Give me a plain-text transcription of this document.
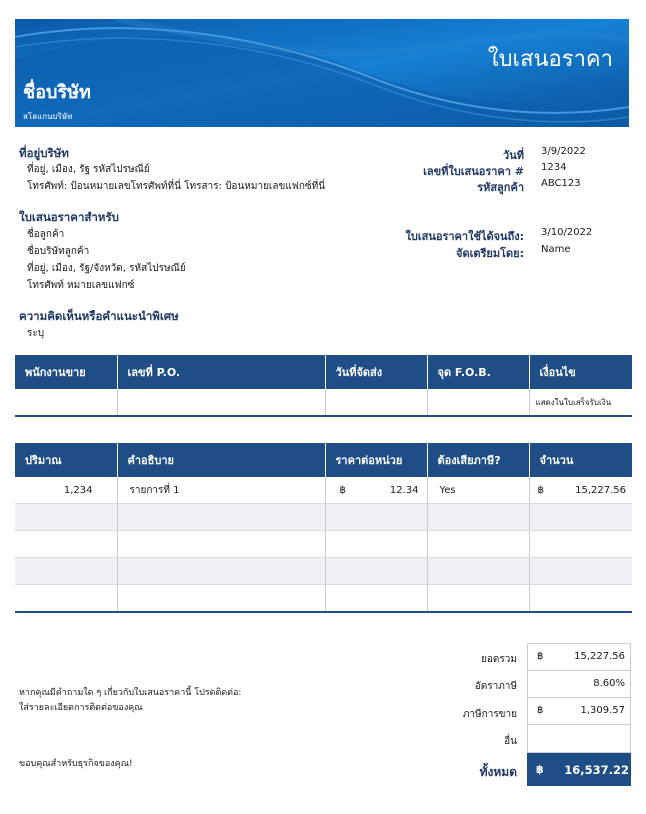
ใบเสนอราคา
ชื่อบริษัท
สโลแกนบริษัท
ที่อยู่บริษัท
ที่อยู่, เมือง, รัฐ รหัสไปรษณีย์
โทรศัพท์: ป้อนหมายเลขโทรศัพท์ที่นี่ โทรสาร: ป้อนหมายเลขแฟกซ์ที่นี่
วันที่ 3/9/2022
เลขที่ใบเสนอราคา # 1234
รหัสลูกค้า ABC123
ใบเสนอราคาสำหรับ
ชื่อลูกค้า
ชื่อบริษัทลูกค้า
ที่อยู่, เมือง, รัฐ/จังหวัด, รหัสไปรษณีย์
โทรศัพท์ หมายเลขแฟกซ์
ใบเสนอราคาใช้ได้จนถึง: 3/10/2022
จัดเตรียมโดย: Name
ความคิดเห็นหรือคำแนะนำพิเศษ
ระบุ
พนักงานขาย	เลขที่ P.O.	วันที่จัดส่ง	จุด F.O.B.	เงื่อนไข
				แสดงในใบเสร็จรับเงิน
ปริมาณ	คำอธิบาย	ราคาต่อหน่วย	ต้องเสียภาษี?	จำนวน
1,234	รายการที่ 1	฿ 12.34	Yes	฿ 15,227.56

ยอดรวม ฿	15,227.56
อัตราภาษี	8.60%
ภาษีการขาย ฿	1,309.57
อื่น
ทั้งหมด ฿ 16,537.22
หากคุณมีคำถามใด ๆ เกี่ยวกับใบเสนอราคานี้ โปรดติดต่อ:
ใส่รายละเอียดการติดต่อของคุณ
ขอบคุณสำหรับธุรกิจของคุณ!
